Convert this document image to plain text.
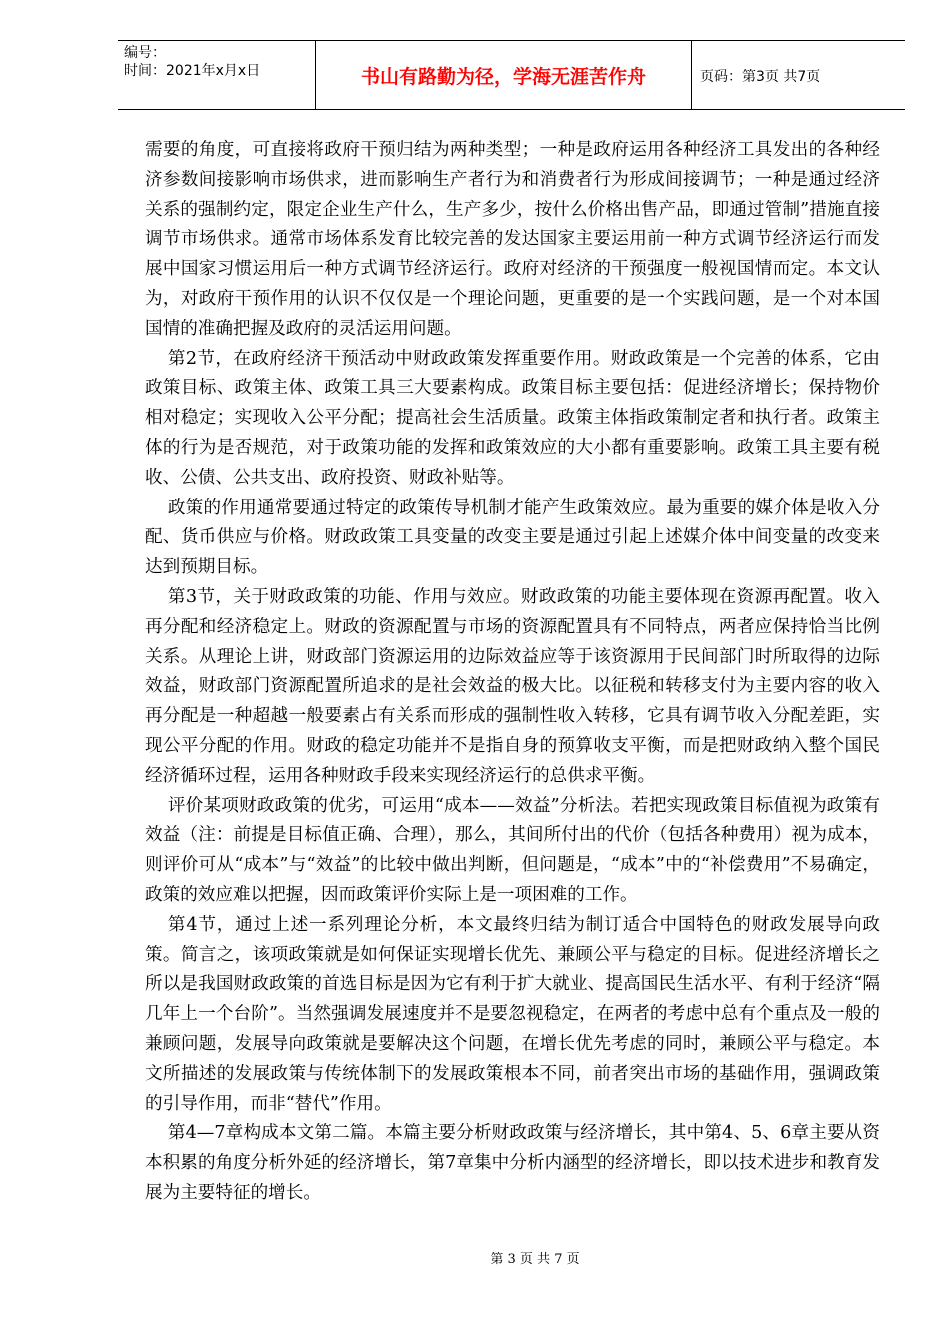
编号：
时间：2021年x月x日	书山有路勤为径，学海无涯苦作舟	页码：第3页 共7页

需要的角度，可直接将政府干预归结为两种类型；一种是政府运用各种经济工具发出的各种经济参数间接影响市场供求，进而影响生产者行为和消费者行为形成间接调节；一种是通过经济关系的强制约定，限定企业生产什么，生产多少，按什么价格出售产品，即通过管制”措施直接调节市场供求。通常市场体系发育比较完善的发达国家主要运用前一种方式调节经济运行而发展中国家习惯运用后一种方式调节经济运行。政府对经济的干预强度一般视国情而定。本文认为，对政府干预作用的认识不仅仅是一个理论问题，更重要的是一个实践问题，是一个对本国国情的准确把握及政府的灵活运用问题。

第2节，在政府经济干预活动中财政政策发挥重要作用。财政政策是一个完善的体系，它由政策目标、政策主体、政策工具三大要素构成。政策目标主要包括：促进经济增长；保持物价相对稳定；实现收入公平分配；提高社会生活质量。政策主体指政策制定者和执行者。政策主体的行为是否规范，对于政策功能的发挥和政策效应的大小都有重要影响。政策工具主要有税收、公债、公共支出、政府投资、财政补贴等。

政策的作用通常要通过特定的政策传导机制才能产生政策效应。最为重要的媒介体是收入分配、货币供应与价格。财政政策工具变量的改变主要是通过引起上述媒介体中间变量的改变来达到预期目标。

第3节，关于财政政策的功能、作用与效应。财政政策的功能主要体现在资源再配置。收入再分配和经济稳定上。财政的资源配置与市场的资源配置具有不同特点，两者应保持恰当比例关系。从理论上讲，财政部门资源运用的边际效益应等于该资源用于民间部门时所取得的边际效益，财政部门资源配置所追求的是社会效益的极大比。以征税和转移支付为主要内容的收入再分配是一种超越一般要素占有关系而形成的强制性收入转移，它具有调节收入分配差距，实现公平分配的作用。财政的稳定功能并不是指自身的预算收支平衡，而是把财政纳入整个国民经济循环过程，运用各种财政手段来实现经济运行的总供求平衡。

评价某项财政政策的优劣，可运用“成本——效益”分析法。若把实现政策目标值视为政策有效益（注：前提是目标值正确、合理），那么，其间所付出的代价（包括各种费用）视为成本，则评价可从“成本”与“效益”的比较中做出判断，但问题是，“成本”中的“补偿费用”不易确定，政策的效应难以把握，因而政策评价实际上是一项困难的工作。

第4节，通过上述一系列理论分析，本文最终归结为制订适合中国特色的财政发展导向政策。简言之，该项政策就是如何保证实现增长优先、兼顾公平与稳定的目标。促进经济增长之所以是我国财政政策的首选目标是因为它有利于扩大就业、提高国民生活水平、有利于经济“隔几年上一个台阶”。当然强调发展速度并不是要忽视稳定，在两者的考虑中总有个重点及一般的兼顾问题，发展导向政策就是要解决这个问题，在增长优先考虑的同时，兼顾公平与稳定。本文所描述的发展政策与传统体制下的发展政策根本不同，前者突出市场的基础作用，强调政策的引导作用，而非“替代”作用。

第4—7章构成本文第二篇。本篇主要分析财政政策与经济增长，其中第4、5、6章主要从资本积累的角度分析外延的经济增长，第7章集中分析内涵型的经济增长，即以技术进步和教育发展为主要特征的增长。

第 3 页 共 7 页
